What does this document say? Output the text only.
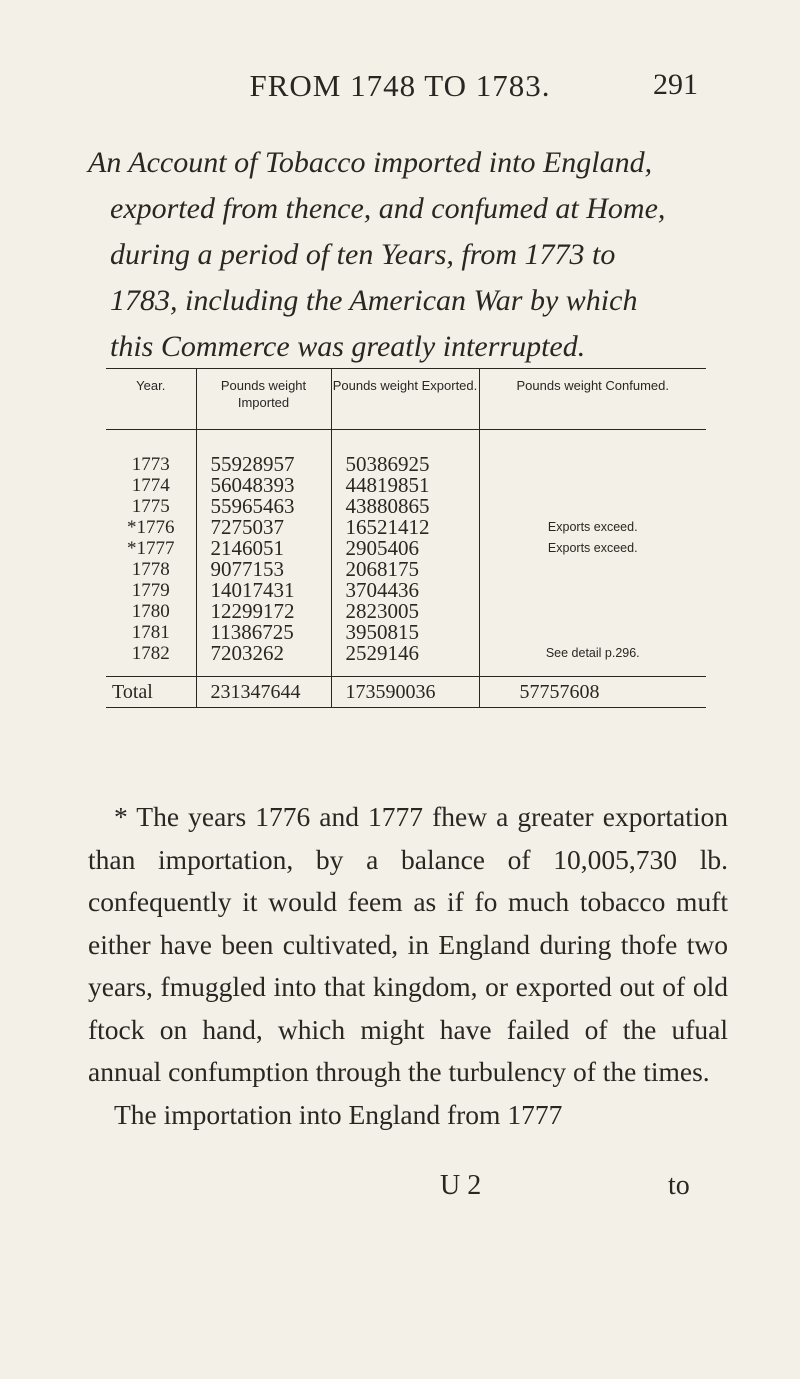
FROM 1748 TO 1783.	291
An Account of Tobacco imported into England,
exported from thence, and confumed at Home,
during a period of ten Years, from 1773 to
1783, including the American War by which
this Commerce was greatly interrupted.
Year.	Pounds weight Imported	Pounds weight Exported.	Pounds weight Confumed.
1773	55928957	50386925	
1774	56048393	44819851	
1775	55965463	43880865	
*1776	7275037	16521412	Exports exceed.
*1777	2146051	2905406	Exports exceed.
1778	9077153	2068175	
1779	14017431	3704436	
1780	12299172	2823005	
1781	11386725	3950815	
1782	7203262	2529146	See detail p.296.
Total	231347644	173590036	57757608

* The years 1776 and 1777 fhew a greater exportation than importation, by a balance of 10,005,730 lb. confequently it would feem as if fo much tobacco muft either have been cultivated, in England during thofe two years, fmuggled into that kingdom, or exported out of old ftock on hand, which might have failed of the ufual annual confumption through the turbulency of the times.

The importation into England from 1777

U 2	to
